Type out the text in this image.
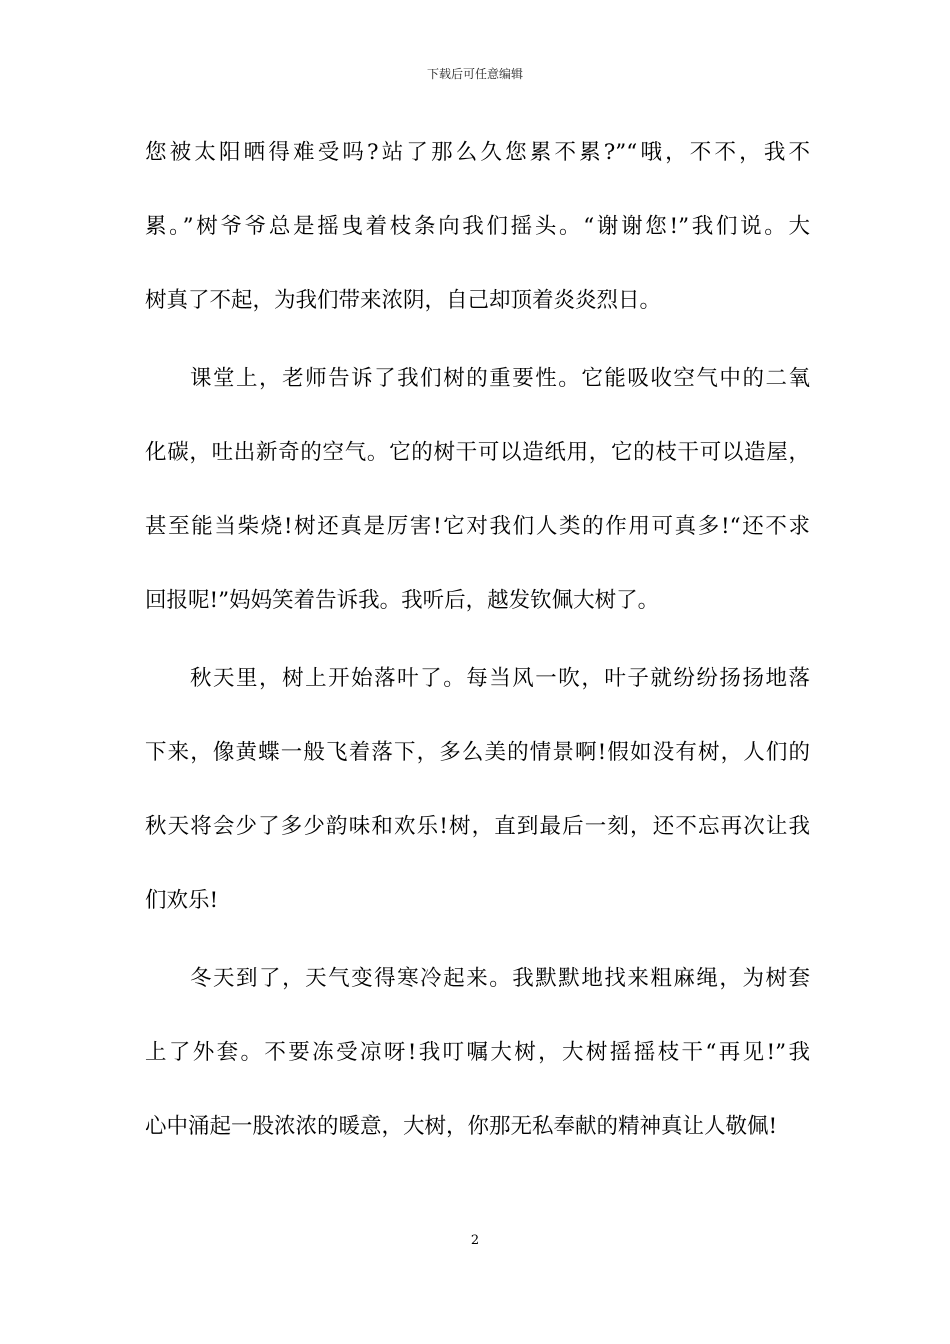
下载后可任意编辑
您被太阳晒得难受吗?站了那么久您累不累?”“哦，不不，我不
累。”树爷爷总是摇曳着枝条向我们摇头。“谢谢您!”我们说。大
树真了不起，为我们带来浓阴，自己却顶着炎炎烈日。
课堂上，老师告诉了我们树的重要性。它能吸收空气中的二氧
化碳，吐出新奇的空气。它的树干可以造纸用，它的枝干可以造屋，
甚至能当柴烧!树还真是厉害!它对我们人类的作用可真多!“还不求
回报呢!”妈妈笑着告诉我。我听后，越发钦佩大树了。
秋天里，树上开始落叶了。每当风一吹，叶子就纷纷扬扬地落
下来，像黄蝶一般飞着落下，多么美的情景啊!假如没有树，人们的
秋天将会少了多少韵味和欢乐!树，直到最后一刻，还不忘再次让我
们欢乐!
冬天到了，天气变得寒冷起来。我默默地找来粗麻绳，为树套
上了外套。不要冻受凉呀!我叮嘱大树，大树摇摇枝干“再见!”我
心中涌起一股浓浓的暖意，大树，你那无私奉献的精神真让人敬佩!
2
